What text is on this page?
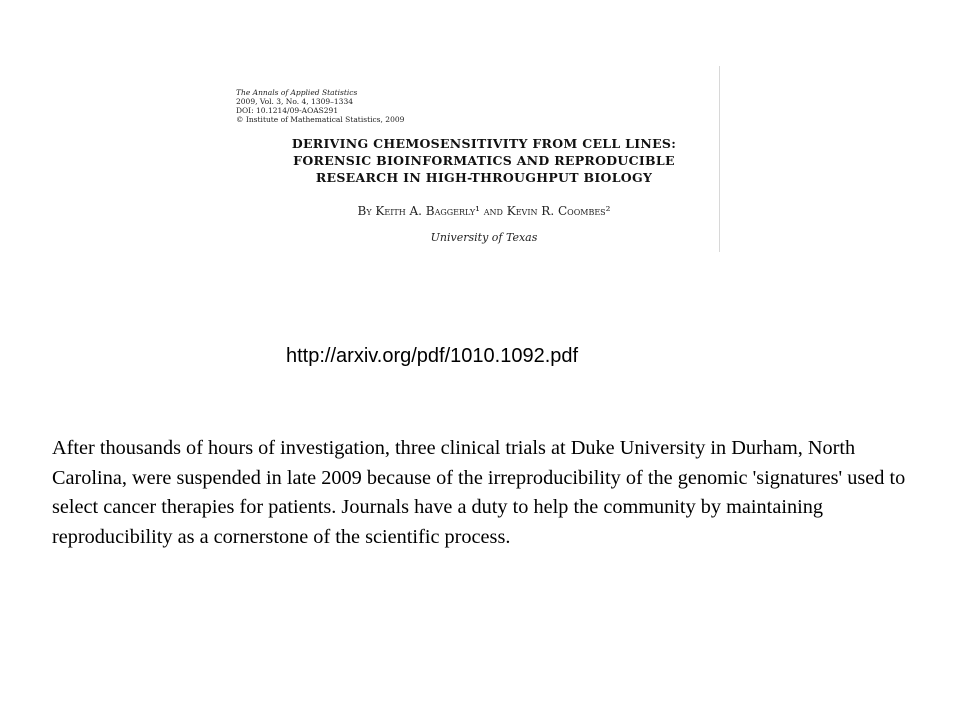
The Annals of Applied Statistics
2009, Vol. 3, No. 4, 1309–1334
DOI: 10.1214/09-AOAS291
© Institute of Mathematical Statistics, 2009
DERIVING CHEMOSENSITIVITY FROM CELL LINES:
FORENSIC BIOINFORMATICS AND REPRODUCIBLE
RESEARCH IN HIGH-THROUGHPUT BIOLOGY
By Keith A. Baggerly¹ and Kevin R. Coombes²
University of Texas
http://arxiv.org/pdf/1010.1092.pdf
After thousands of hours of investigation, three clinical trials at Duke University in Durham, North Carolina, were suspended in late 2009 because of the irreproducibility of the genomic 'signatures' used to select cancer therapies for patients. Journals have a duty to help the community by maintaining reproducibility as a cornerstone of the scientific process.
